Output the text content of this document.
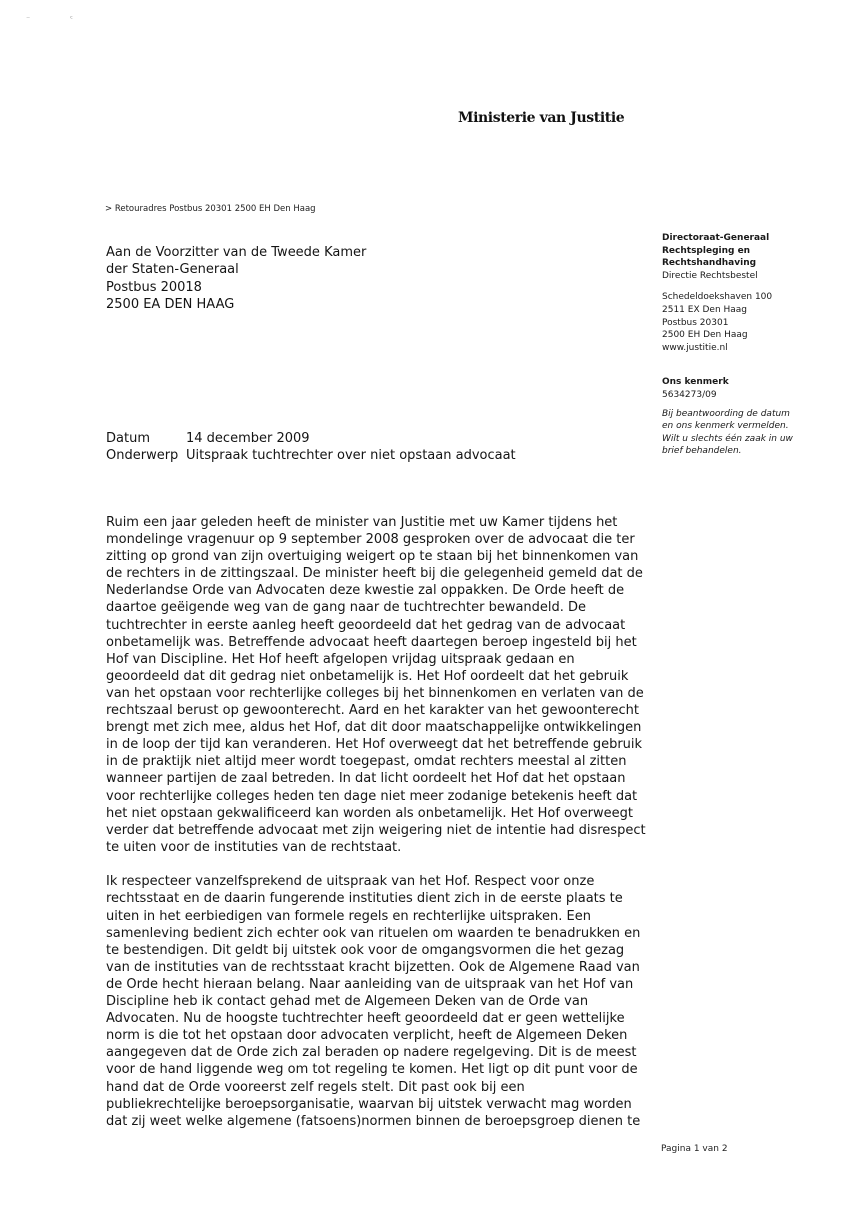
⁻	ᶜ
Ministerie van Justitie
> Retouradres Postbus 20301 2500 EH Den Haag
Aan de Voorzitter van de Tweede Kamer
der Staten-Generaal
Postbus 20018
2500 EA DEN HAAG
Directoraat-Generaal
Rechtspleging en
Rechtshandhaving
Directie Rechtsbestel
Schedeldoekshaven 100
2511 EX Den Haag
Postbus 20301
2500 EH Den Haag
www.justitie.nl
Ons kenmerk
5634273/09
Bij beantwoording de datum
en ons kenmerk vermelden.
Wilt u slechts één zaak in uw
brief behandelen.
Datum	14 december 2009
Onderwerp Uitspraak tuchtrechter over niet opstaan advocaat
Ruim een jaar geleden heeft de minister van Justitie met uw Kamer tijdens het
mondelinge vragenuur op 9 september 2008 gesproken over de advocaat die ter
zitting op grond van zijn overtuiging weigert op te staan bij het binnenkomen van
de rechters in de zittingszaal. De minister heeft bij die gelegenheid gemeld dat de
Nederlandse Orde van Advocaten deze kwestie zal oppakken. De Orde heeft de
daartoe geëigende weg van de gang naar de tuchtrechter bewandeld. De
tuchtrechter in eerste aanleg heeft geoordeeld dat het gedrag van de advocaat
onbetamelijk was. Betreffende advocaat heeft daartegen beroep ingesteld bij het
Hof van Discipline. Het Hof heeft afgelopen vrijdag uitspraak gedaan en
geoordeeld dat dit gedrag niet onbetamelijk is. Het Hof oordeelt dat het gebruik
van het opstaan voor rechterlijke colleges bij het binnenkomen en verlaten van de
rechtszaal berust op gewoonterecht. Aard en het karakter van het gewoonterecht
brengt met zich mee, aldus het Hof, dat dit door maatschappelijke ontwikkelingen
in de loop der tijd kan veranderen. Het Hof overweegt dat het betreffende gebruik
in de praktijk niet altijd meer wordt toegepast, omdat rechters meestal al zitten
wanneer partijen de zaal betreden. In dat licht oordeelt het Hof dat het opstaan
voor rechterlijke colleges heden ten dage niet meer zodanige betekenis heeft dat
het niet opstaan gekwalificeerd kan worden als onbetamelijk. Het Hof overweegt
verder dat betreffende advocaat met zijn weigering niet de intentie had disrespect
te uiten voor de instituties van de rechtstaat.
Ik respecteer vanzelfsprekend de uitspraak van het Hof. Respect voor onze
rechtsstaat en de daarin fungerende instituties dient zich in de eerste plaats te
uiten in het eerbiedigen van formele regels en rechterlijke uitspraken. Een
samenleving bedient zich echter ook van rituelen om waarden te benadrukken en
te bestendigen. Dit geldt bij uitstek ook voor de omgangsvormen die het gezag
van de instituties van de rechtsstaat kracht bijzetten. Ook de Algemene Raad van
de Orde hecht hieraan belang. Naar aanleiding van de uitspraak van het Hof van
Discipline heb ik contact gehad met de Algemeen Deken van de Orde van
Advocaten. Nu de hoogste tuchtrechter heeft geoordeeld dat er geen wettelijke
norm is die tot het opstaan door advocaten verplicht, heeft de Algemeen Deken
aangegeven dat de Orde zich zal beraden op nadere regelgeving. Dit is de meest
voor de hand liggende weg om tot regeling te komen. Het ligt op dit punt voor de
hand dat de Orde vooreerst zelf regels stelt. Dit past ook bij een
publiekrechtelijke beroepsorganisatie, waarvan bij uitstek verwacht mag worden
dat zij weet welke algemene (fatsoens)normen binnen de beroepsgroep dienen te
Pagina 1 van 2
